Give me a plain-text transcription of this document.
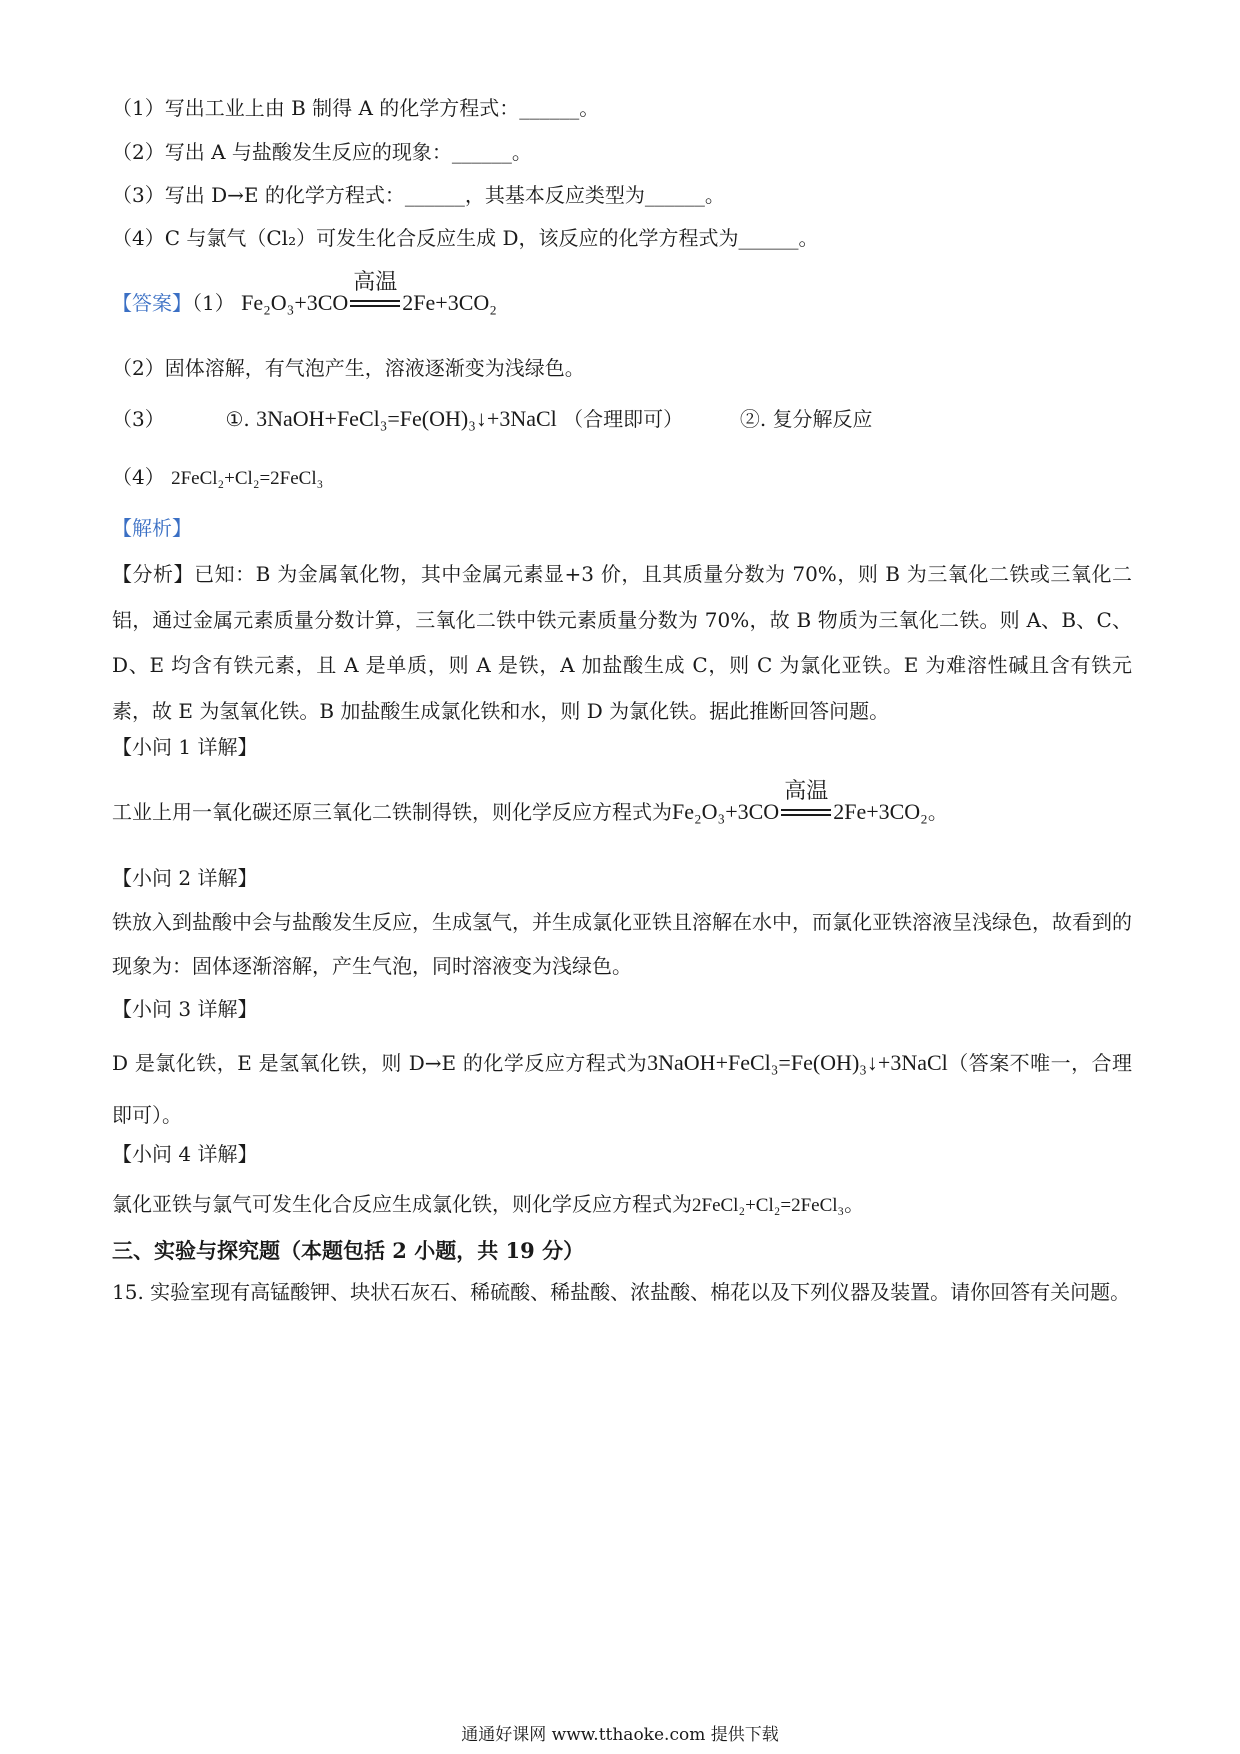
（1）写出工业上由 B 制得 A 的化学方程式：______。
（2）写出 A 与盐酸发生反应的现象：______。
（3）写出 D→E 的化学方程式：______，其基本反应类型为______。
（4）C 与氯气（Cl₂）可发生化合反应生成 D，该反应的化学方程式为______。
【答案】（1） Fe₂O₃+3CO
高温
2Fe+3CO₂
（2）固体溶解，有气泡产生，溶液逐渐变为浅绿色。
（3）	①. 3NaOH+FeCl₃=Fe(OH)₃↓+3NaCl （合理即可）	②. 复分解反应
（4） 2FeCl₂+Cl₂=2FeCl₃
【解析】
【分析】已知：B 为金属氧化物，其中金属元素显+3 价，且其质量分数为 70%，则 B 为三氧化二铁或三氧化二铝，通过金属元素质量分数计算，三氧化二铁中铁元素质量分数为 70%，故 B 物质为三氧化二铁。则 A、B、C、D、E 均含有铁元素，且 A 是单质，则 A 是铁，A 加盐酸生成 C，则 C 为氯化亚铁。E 为难溶性碱且含有铁元素，故 E 为氢氧化铁。B 加盐酸生成氯化铁和水，则 D 为氯化铁。据此推断回答问题。
【小问 1 详解】
工业上用一氧化碳还原三氧化二铁制得铁，则化学反应方程式为Fe₂O₃+3CO
高温
2Fe+3CO₂。
【小问 2 详解】
铁放入到盐酸中会与盐酸发生反应，生成氢气，并生成氯化亚铁且溶解在水中，而氯化亚铁溶液呈浅绿色，故看到的现象为：固体逐渐溶解，产生气泡，同时溶液变为浅绿色。
【小问 3 详解】
D 是氯化铁，E 是氢氧化铁，则 D→E 的化学反应方程式为3NaOH+FeCl₃=Fe(OH)₃↓+3NaCl（答案不唯一，合理即可）。
【小问 4 详解】
氯化亚铁与氯气可发生化合反应生成氯化铁，则化学反应方程式为2FeCl₂+Cl₂=2FeCl₃。
三、实验与探究题（本题包括 2 小题，共 19 分）
15. 实验室现有高锰酸钾、块状石灰石、稀硫酸、稀盐酸、浓盐酸、棉花以及下列仪器及装置。请你回答有关问题。
通通好课网 www.tthaoke.com 提供下载
